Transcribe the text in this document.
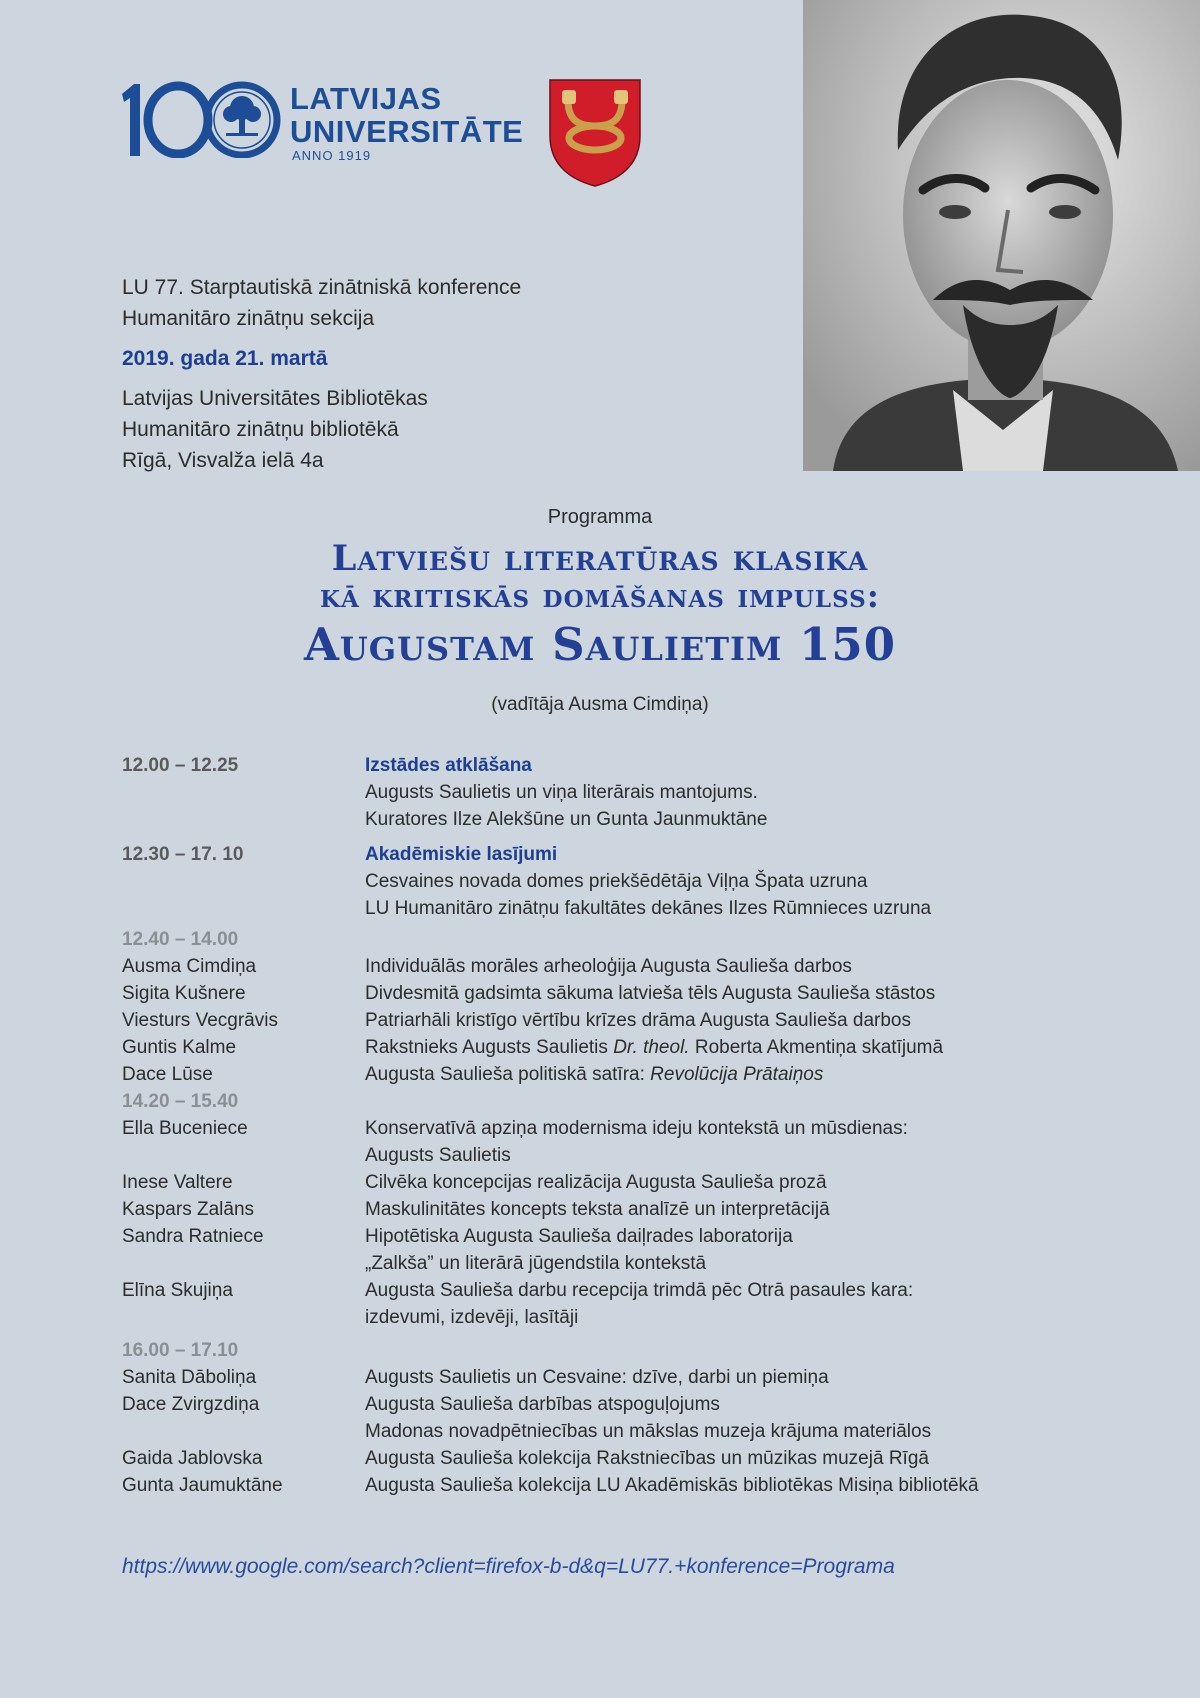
LATVIJAS
UNIVERSITĀTE
ANNO 1919
LU 77. Starptautiskā zinātniskā konference
Humanitāro zinātņu sekcija
2019. gada 21. martā
Latvijas Universitātes Bibliotēkas
Humanitāro zinātņu bibliotēkā
Rīgā, Visvalža ielā 4a
Programma
Latviešu literatūras klasika
kā kritiskās domāšanas impulss:
Augustam Saulietim 150
(vadītāja Ausma Cimdiņa)
12.00 – 12.25	Izstādes atklāšana
Augusts Saulietis un viņa literārais mantojums.
Kuratores Ilze Alekšūne un Gunta Jaunmuktāne
12.30 – 17. 10	Akadēmiskie lasījumi
Cesvaines novada domes priekšēdētāja Viļņa Špata uzruna
LU Humanitāro zinātņu fakultātes dekānes Ilzes Rūmnieces uzruna
12.40 – 14.00
Ausma Cimdiņa	Individuālās morāles arheoloģija Augusta Saulieša darbos
Sigita Kušnere	Divdesmitā gadsimta sākuma latvieša tēls Augusta Saulieša stāstos
Viesturs Vecgrāvis	Patriarhāli kristīgo vērtību krīzes drāma Augusta Saulieša darbos
Guntis Kalme	Rakstnieks Augusts Saulietis Dr. theol. Roberta Akmentiņa skatījumā
Dace Lūse	Augusta Saulieša politiskā satīra: Revolūcija Prātaiņos
14.20 – 15.40
Ella Buceniece	Konservatīvā apziņa modernisma ideju kontekstā un mūsdienas:
Augusts Saulietis
Inese Valtere	Cilvēka koncepcijas realizācija Augusta Saulieša prozā
Kaspars Zalāns	Maskulinitātes koncepts teksta analīzē un interpretācijā
Sandra Ratniece	Hipotētiska Augusta Saulieša daiļrades laboratorija
„Zalkša” un literārā jūgendstila kontekstā
Elīna Skujiņa	Augusta Saulieša darbu recepcija trimdā pēc Otrā pasaules kara:
izdevumi, izdevēji, lasītāji
16.00 – 17.10
Sanita Dāboliņa	Augusts Saulietis un Cesvaine: dzīve, darbi un piemiņa
Dace Zvirgzdiņa	Augusta Saulieša darbības atspoguļojums
Madonas novadpētniecības un mākslas muzeja krājuma materiālos
Gaida Jablovska	Augusta Saulieša kolekcija Rakstniecības un mūzikas muzejā Rīgā
Gunta Jaumuktāne	Augusta Saulieša kolekcija LU Akadēmiskās bibliotēkas Misiņa bibliotēkā
https://www.google.com/search?client=firefox-b-d&q=LU77.+konference=Programa
